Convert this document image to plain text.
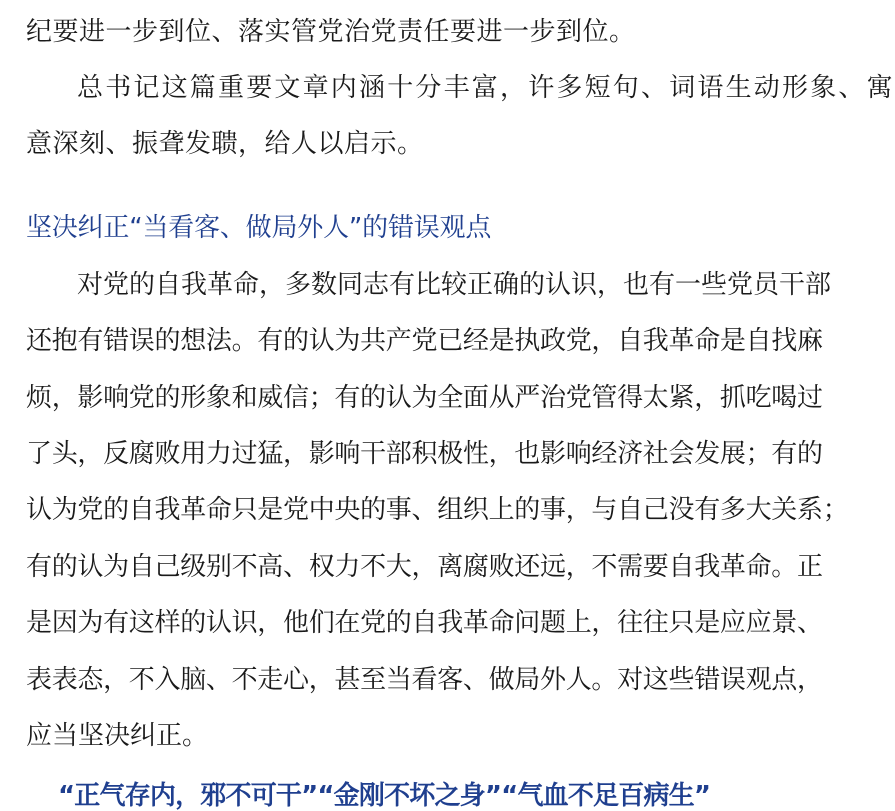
纪要进一步到位、落实管党治党责任要进一步到位。
总书记这篇重要文章内涵十分丰富，许多短句、词语生动形象、寓
意深刻、振聋发聩，给人以启示。
坚决纠正“当看客、做局外人”的错误观点
对党的自我革命，多数同志有比较正确的认识，也有一些党员干部
还抱有错误的想法。有的认为共产党已经是执政党，自我革命是自找麻
烦，影响党的形象和威信；有的认为全面从严治党管得太紧，抓吃喝过
了头，反腐败用力过猛，影响干部积极性，也影响经济社会发展；有的
认为党的自我革命只是党中央的事、组织上的事，与自己没有多大关系；
有的认为自己级别不高、权力不大，离腐败还远，不需要自我革命。正
是因为有这样的认识，他们在党的自我革命问题上，往往只是应应景、
表表态，不入脑、不走心，甚至当看客、做局外人。对这些错误观点，
应当坚决纠正。
“正气存内，邪不可干”“金刚不坏之身”“气血不足百病生”
